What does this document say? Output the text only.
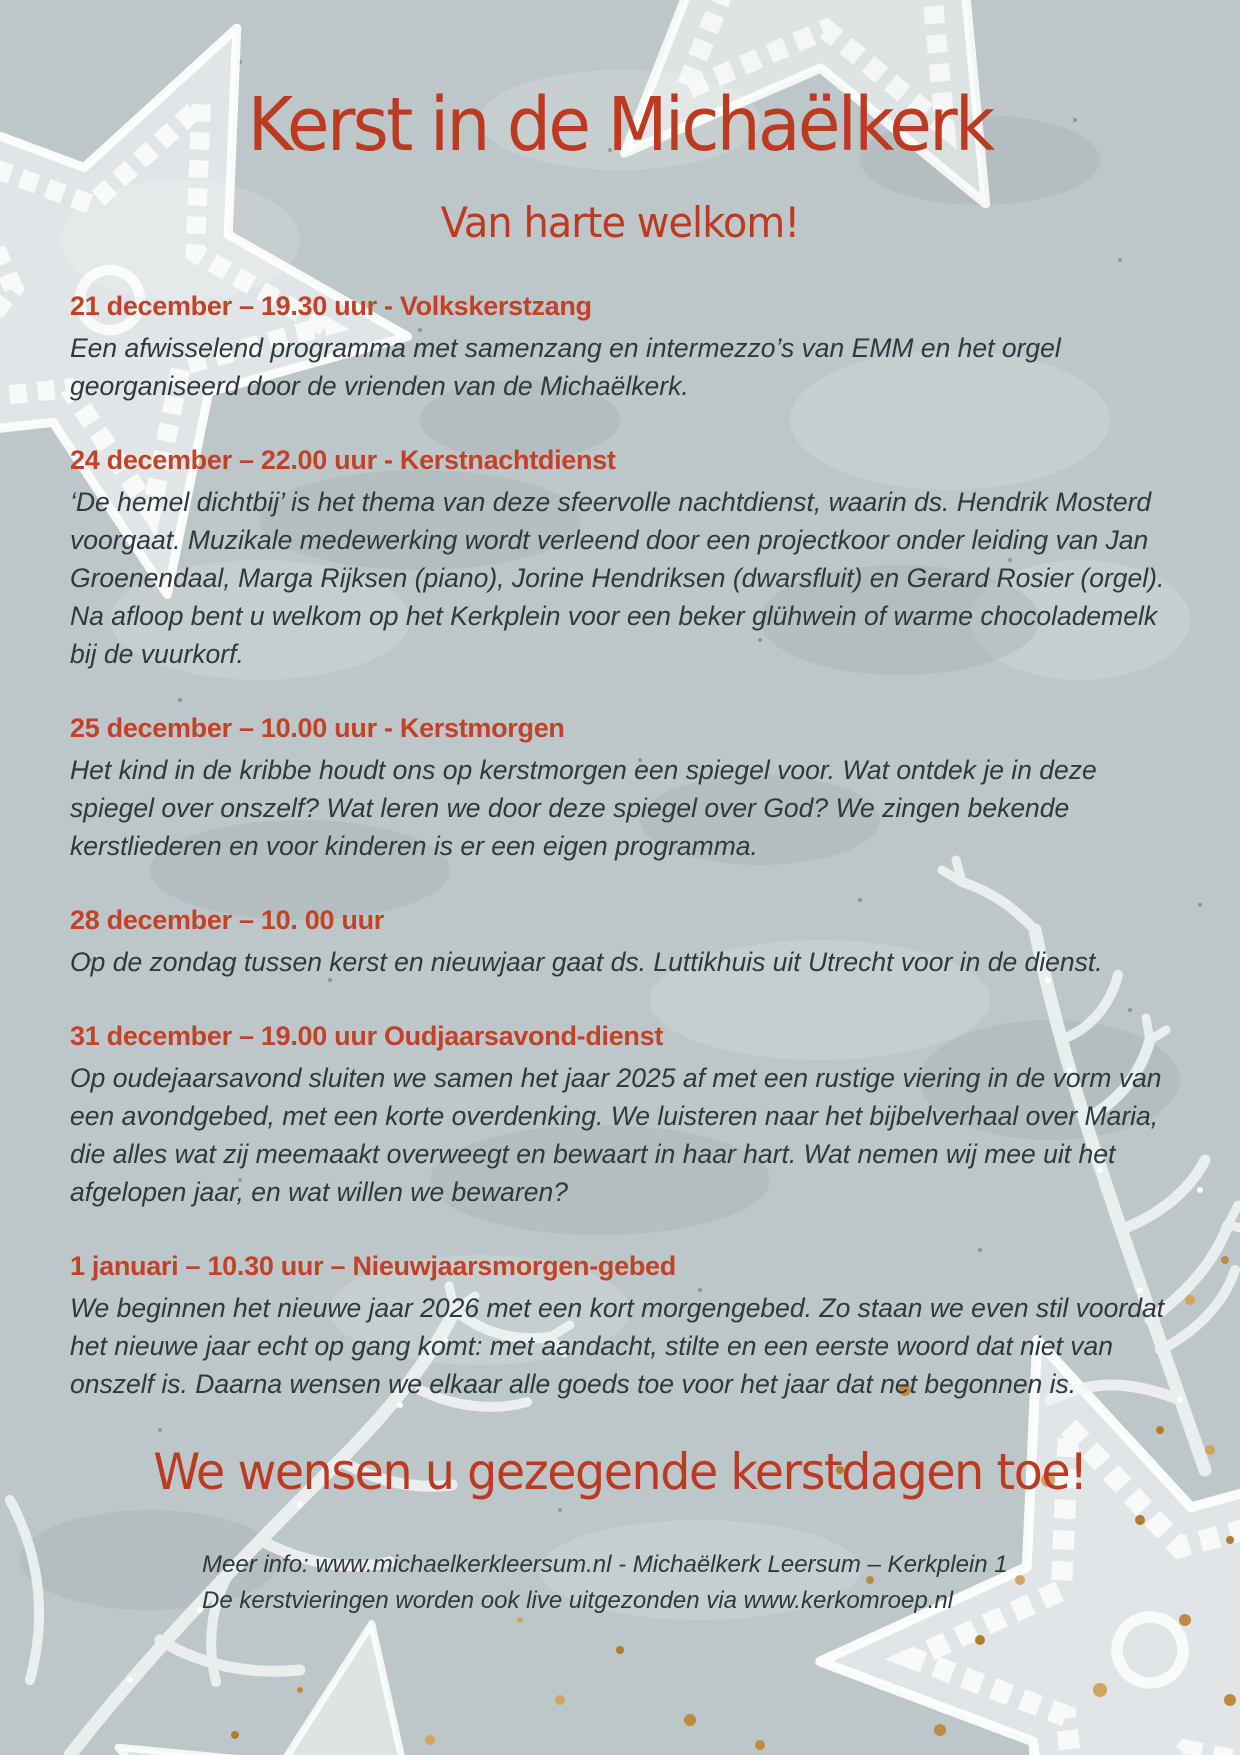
Kerst in de Michaëlkerk
Van harte welkom!
21 december – 19.30 uur - Volkskerstzang

Een afwisselend programma met samenzang en intermezzo’s van EMM en het orgel georganiseerd door de vrienden van de Michaëlkerk.

24 december – 22.00 uur - Kerstnachtdienst

‘De hemel dichtbij’ is het thema van deze sfeervolle nachtdienst, waarin ds. Hendrik Mosterd voorgaat. Muzikale medewerking wordt verleend door een projectkoor onder leiding van Jan Groenendaal, Marga Rijksen (piano), Jorine Hendriksen (dwarsfluit) en Gerard Rosier (orgel). Na afloop bent u welkom op het Kerkplein voor een beker glühwein of warme chocolademelk bij de vuurkorf.

25 december – 10.00 uur - Kerstmorgen

Het kind in de kribbe houdt ons op kerstmorgen een spiegel voor. Wat ontdek je in deze spiegel over onszelf? Wat leren we door deze spiegel over God? We zingen bekende kerstliederen en voor kinderen is er een eigen programma.

28 december – 10. 00 uur

Op de zondag tussen kerst en nieuwjaar gaat ds. Luttikhuis uit Utrecht voor in de dienst.

31 december – 19.00 uur Oudjaarsavond-dienst

Op oudejaarsavond sluiten we samen het jaar 2025 af met een rustige viering in de vorm van een avondgebed, met een korte overdenking. We luisteren naar het bijbelverhaal over Maria, die alles wat zij meemaakt overweegt en bewaart in haar hart. Wat nemen wij mee uit het afgelopen jaar, en wat willen we bewaren?

1 januari – 10.30 uur – Nieuwjaarsmorgen-gebed

We beginnen het nieuwe jaar 2026 met een kort morgengebed. Zo staan we even stil voordat het nieuwe jaar echt op gang komt: met aandacht, stilte en een eerste woord dat niet van onszelf is. Daarna wensen we elkaar alle goeds toe voor het jaar dat net begonnen is.

We wensen u gezegende kerstdagen toe!

Meer info: www.michaelkerkleersum.nl - Michaëlkerk Leersum – Kerkplein 1

De kerstvieringen worden ook live uitgezonden via www.kerkomroep.nl
